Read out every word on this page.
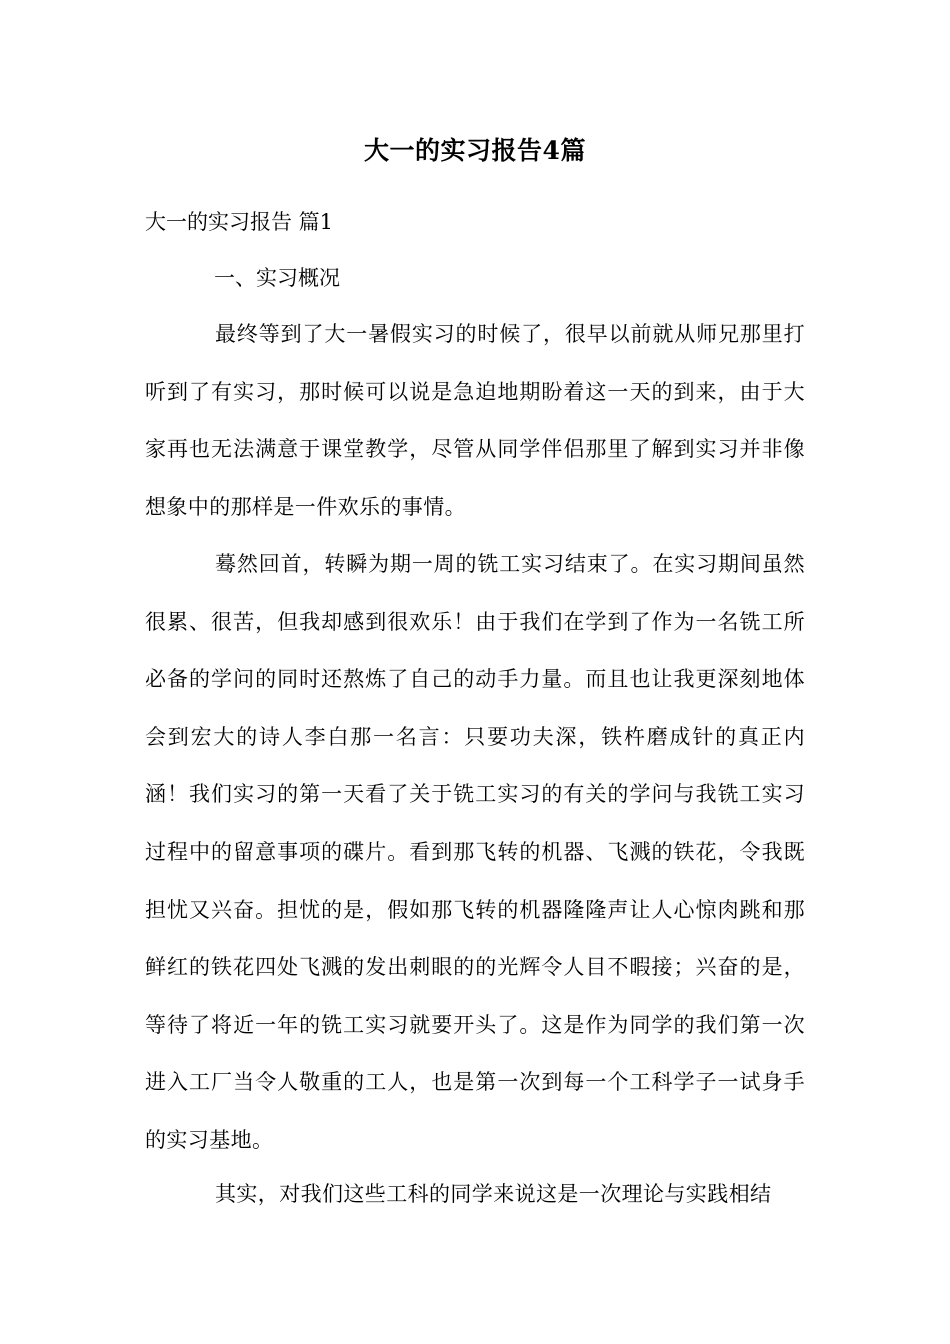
大一的实习报告4篇
大一的实习报告 篇1
一、实习概况

最终等到了大一暑假实习的时候了，很早以前就从师兄那里打听到了有实习，那时候可以说是急迫地期盼着这一天的到来，由于大家再也无法满意于课堂教学，尽管从同学伴侣那里了解到实习并非像想象中的那样是一件欢乐的事情。

蓦然回首，转瞬为期一周的铣工实习结束了。在实习期间虽然很累、很苦，但我却感到很欢乐！由于我们在学到了作为一名铣工所必备的学问的同时还熬炼了自己的动手力量。而且也让我更深刻地体会到宏大的诗人李白那一名言：只要功夫深，铁杵磨成针的真正内涵！我们实习的第一天看了关于铣工实习的有关的学问与我铣工实习过程中的留意事项的碟片。看到那飞转的机器、飞溅的铁花，令我既担忧又兴奋。担忧的是，假如那飞转的机器隆隆声让人心惊肉跳和那鲜红的铁花四处飞溅的发出刺眼的的光辉令人目不暇接；兴奋的是，等待了将近一年的铣工实习就要开头了。这是作为同学的我们第一次进入工厂当令人敬重的工人，也是第一次到每一个工科学子一试身手的实习基地。

其实，对我们这些工科的同学来说这是一次理论与实践相结
